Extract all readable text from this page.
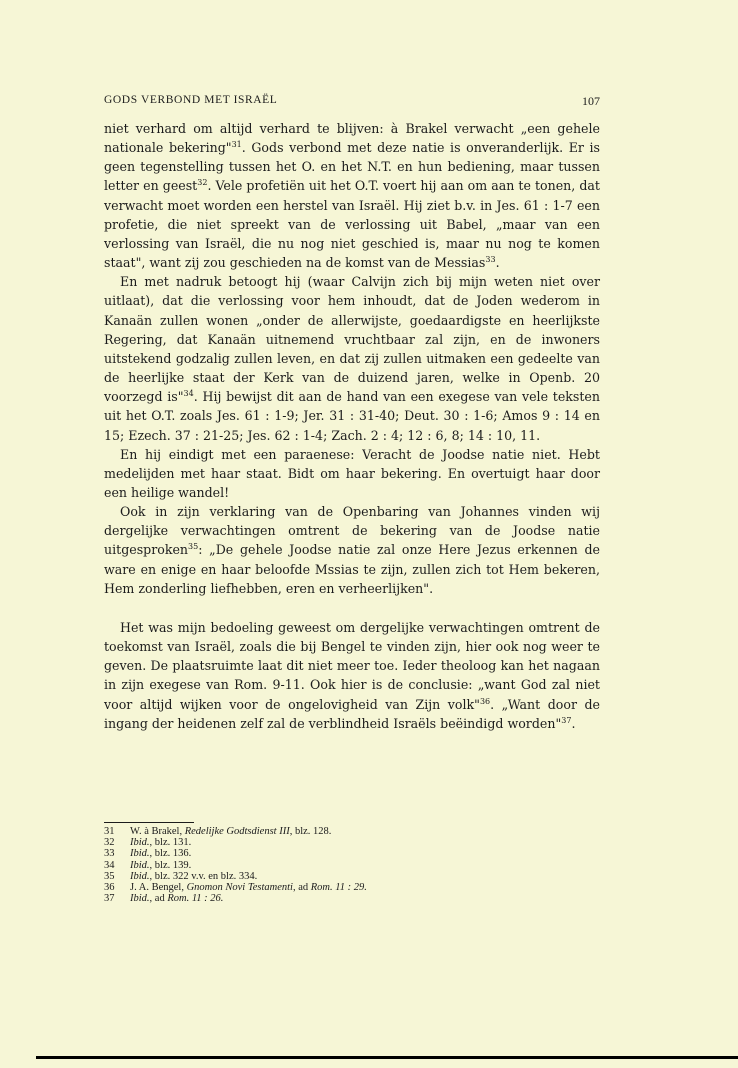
GODS VERBOND MET ISRAËL	107

niet verhard om altijd verhard te blijven: à Brakel verwacht „een gehele nationale bekering"$^{31}$. Gods verbond met deze natie is onveranderlijk. Er is geen tegenstelling tussen het O. en het N.T. en hun bediening, maar tussen letter en geest$^{32}$. Vele profetiën uit het O.T. voert hij aan om aan te tonen, dat verwacht moet worden een herstel van Israël. Hij ziet b.v. in Jes. 61 : 1-7 een profetie, die niet spreekt van de verlossing uit Babel, „maar van een verlossing van Israël, die nu nog niet geschied is, maar nu nog te komen staat", want zij zou geschieden na de komst van de Messias$^{33}$.

En met nadruk betoogt hij (waar Calvijn zich bij mijn weten niet over uitlaat), dat die verlossing voor hem inhoudt, dat de Joden wederom in Kanaän zullen wonen „onder de allerwijste, goedaardigste en heerlijkste Regering, dat Kanaän uitnemend vruchtbaar zal zijn, en de inwoners uitstekend godzalig zullen leven, en dat zij zullen uitmaken een gedeelte van de heerlijke staat der Kerk van de duizend jaren, welke in Openb. 20 voorzegd is"$^{34}$. Hij bewijst dit aan de hand van een exegese van vele teksten uit het O.T. zoals Jes. 61 : 1-9; Jer. 31 : 31-40; Deut. 30 : 1-6; Amos 9 : 14 en 15; Ezech. 37 : 21-25; Jes. 62 : 1-4; Zach. 2 : 4; 12 : 6, 8; 14 : 10, 11.

En hij eindigt met een paraenese: Veracht de Joodse natie niet. Hebt medelijden met haar staat. Bidt om haar bekering. En overtuigt haar door een heilige wandel!

Ook in zijn verklaring van de Openbaring van Johannes vinden wij dergelijke verwachtingen omtrent de bekering van de Joodse natie uitgesproken$^{35}$: „De gehele Joodse natie zal onze Here Jezus erkennen de ware en enige en haar beloofde Mssias te zijn, zullen zich tot Hem bekeren, Hem zonderling liefhebben, eren en verheerlijken".

Het was mijn bedoeling geweest om dergelijke verwachtingen omtrent de toekomst van Israël, zoals die bij Bengel te vinden zijn, hier ook nog weer te geven. De plaatsruimte laat dit niet meer toe. Ieder theoloog kan het nagaan in zijn exegese van Rom. 9-11. Ook hier is de conclusie: „want God zal niet voor altijd wijken voor de ongelovigheid van Zijn volk"$^{36}$. „Want door de ingang der heidenen zelf zal de verblindheid Israëls beëindigd worden"$^{37}$.

31	W. à Brakel, Redelijke Godtsdienst III, blz. 128.
32	Ibid., blz. 131.
33	Ibid., blz. 136.
34	Ibid., blz. 139.
35	Ibid., blz. 322 v.v. en blz. 334.
36	J. A. Bengel, Gnomon Novi Testamenti, ad Rom. 11 : 29.
37	Ibid., ad Rom. 11 : 26.
